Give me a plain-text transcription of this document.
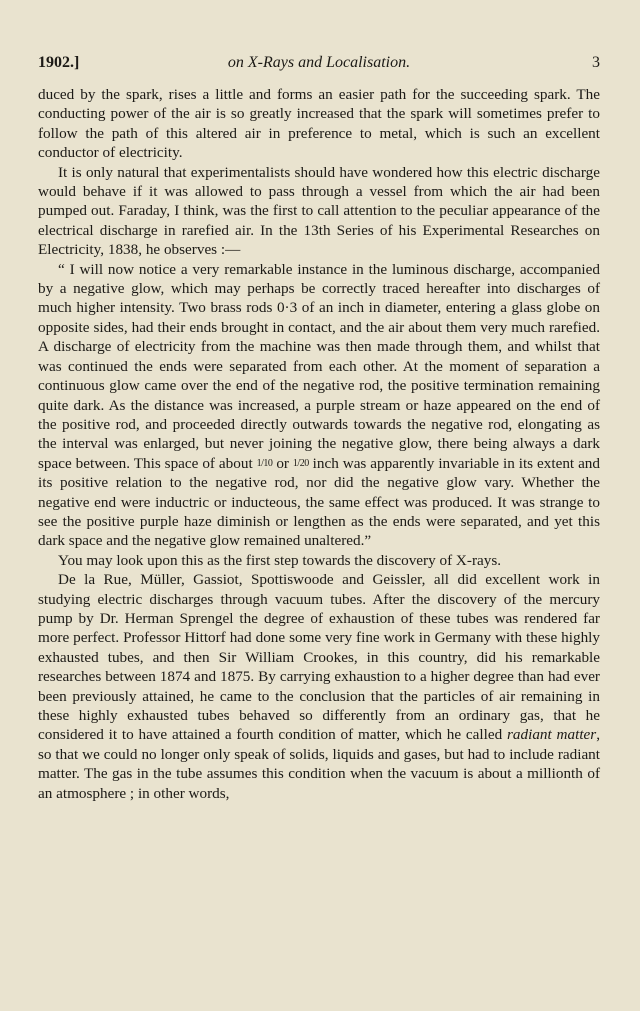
1902.]	on X-Rays and Localisation.	3

duced by the spark, rises a little and forms an easier path for the succeeding spark. The conducting power of the air is so greatly increased that the spark will sometimes prefer to follow the path of this altered air in preference to metal, which is such an excellent conductor of electricity.

It is only natural that experimentalists should have wondered how this electric discharge would behave if it was allowed to pass through a vessel from which the air had been pumped out. Faraday, I think, was the first to call attention to the peculiar appearance of the electrical discharge in rarefied air. In the 13th Series of his Experimental Researches on Electricity, 1838, he observes :—

“ I will now notice a very remarkable instance in the luminous discharge, accompanied by a negative glow, which may perhaps be correctly traced hereafter into discharges of much higher intensity. Two brass rods 0·3 of an inch in diameter, entering a glass globe on opposite sides, had their ends brought in contact, and the air about them very much rarefied. A discharge of electricity from the machine was then made through them, and whilst that was continued the ends were separated from each other. At the moment of separation a continuous glow came over the end of the negative rod, the positive termination remaining quite dark. As the distance was increased, a purple stream or haze appeared on the end of the positive rod, and proceeded directly outwards towards the negative rod, elongating as the interval was enlarged, but never joining the negative glow, there being always a dark space between. This space of about 1/10 or 1/20 inch was apparently invariable in its extent and its positive relation to the negative rod, nor did the negative glow vary. Whether the negative end were inductric or inducteous, the same effect was produced. It was strange to see the positive purple haze diminish or lengthen as the ends were separated, and yet this dark space and the negative glow remained unaltered.”

You may look upon this as the first step towards the discovery of X-rays.

De la Rue, Müller, Gassiot, Spottiswoode and Geissler, all did excellent work in studying electric discharges through vacuum tubes. After the discovery of the mercury pump by Dr. Herman Sprengel the degree of exhaustion of these tubes was rendered far more perfect. Professor Hittorf had done some very fine work in Germany with these highly exhausted tubes, and then Sir William Crookes, in this country, did his remarkable researches between 1874 and 1875. By carrying exhaustion to a higher degree than had ever been previously attained, he came to the conclusion that the particles of air remaining in these highly exhausted tubes behaved so differently from an ordinary gas, that he considered it to have attained a fourth condition of matter, which he called radiant matter, so that we could no longer only speak of solids, liquids and gases, but had to include radiant matter. The gas in the tube assumes this condition when the vacuum is about a millionth of an atmosphere ; in other words,
